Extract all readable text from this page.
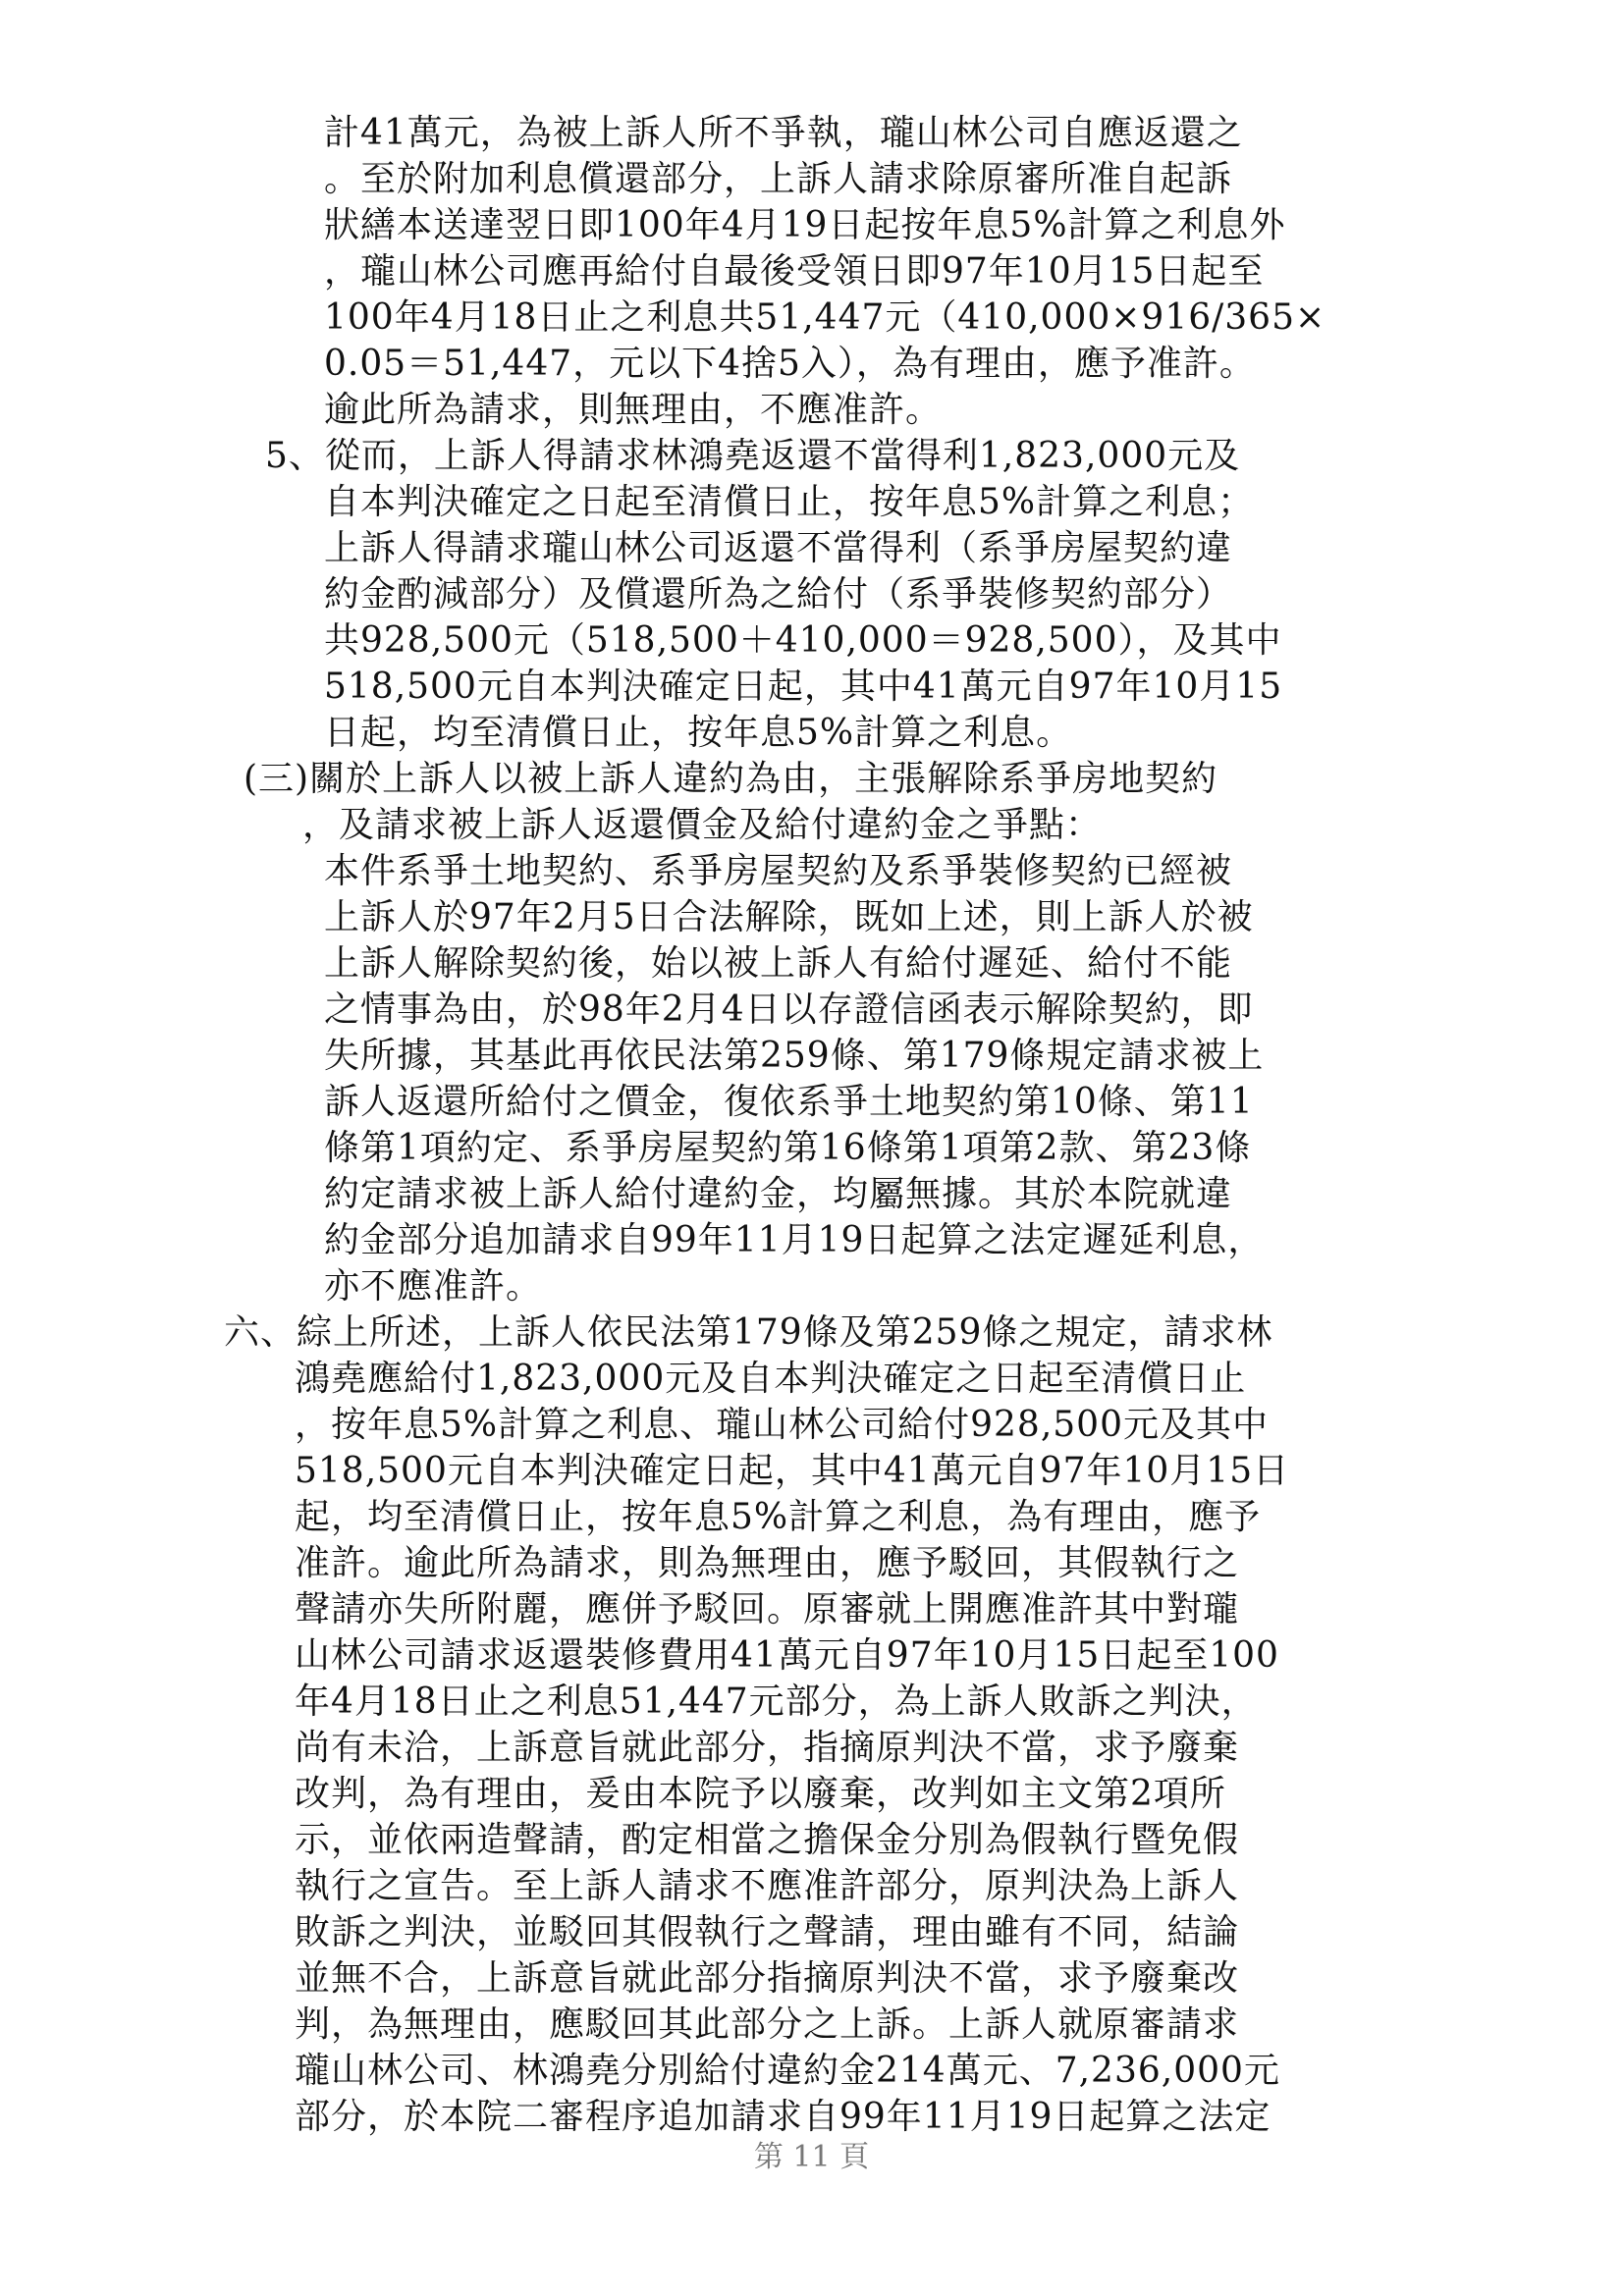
計41萬元，為被上訴人所不爭執，瓏山林公司自應返還之
。至於附加利息償還部分，上訴人請求除原審所准自起訴
狀繕本送達翌日即100年4月19日起按年息5%計算之利息外
，瓏山林公司應再給付自最後受領日即97年10月15日起至
100年4月18日止之利息共51,447元（410,000×916/365×
0.05＝51,447，元以下4捨5入），為有理由，應予准許。
逾此所為請求，則無理由，不應准許。
5、從而，上訴人得請求林鴻堯返還不當得利1,823,000元及
自本判決確定之日起至清償日止，按年息5%計算之利息；
上訴人得請求瓏山林公司返還不當得利（系爭房屋契約違
約金酌減部分）及償還所為之給付（系爭裝修契約部分）
共928,500元（518,500＋410,000＝928,500），及其中
518,500元自本判決確定日起，其中41萬元自97年10月15
日起，均至清償日止，按年息5%計算之利息。
(三)關於上訴人以被上訴人違約為由，主張解除系爭房地契約
，及請求被上訴人返還價金及給付違約金之爭點：
本件系爭土地契約、系爭房屋契約及系爭裝修契約已經被
上訴人於97年2月5日合法解除，既如上述，則上訴人於被
上訴人解除契約後，始以被上訴人有給付遲延、給付不能
之情事為由，於98年2月4日以存證信函表示解除契約，即
失所據，其基此再依民法第259條、第179條規定請求被上
訴人返還所給付之價金，復依系爭土地契約第10條、第11
條第1項約定、系爭房屋契約第16條第1項第2款、第23條
約定請求被上訴人給付違約金，均屬無據。其於本院就違
約金部分追加請求自99年11月19日起算之法定遲延利息，
亦不應准許。
六、綜上所述，上訴人依民法第179條及第259條之規定，請求林
鴻堯應給付1,823,000元及自本判決確定之日起至清償日止
，按年息5%計算之利息、瓏山林公司給付928,500元及其中
518,500元自本判決確定日起，其中41萬元自97年10月15日
起，均至清償日止，按年息5%計算之利息，為有理由，應予
准許。逾此所為請求，則為無理由，應予駁回，其假執行之
聲請亦失所附麗，應併予駁回。原審就上開應准許其中對瓏
山林公司請求返還裝修費用41萬元自97年10月15日起至100
年4月18日止之利息51,447元部分，為上訴人敗訴之判決，
尚有未洽，上訴意旨就此部分，指摘原判決不當，求予廢棄
改判，為有理由，爰由本院予以廢棄，改判如主文第2項所
示，並依兩造聲請，酌定相當之擔保金分別為假執行暨免假
執行之宣告。至上訴人請求不應准許部分，原判決為上訴人
敗訴之判決，並駁回其假執行之聲請，理由雖有不同，結論
並無不合，上訴意旨就此部分指摘原判決不當，求予廢棄改
判，為無理由，應駁回其此部分之上訴。上訴人就原審請求
瓏山林公司、林鴻堯分別給付違約金214萬元、7,236,000元
部分，於本院二審程序追加請求自99年11月19日起算之法定
第 11 頁
